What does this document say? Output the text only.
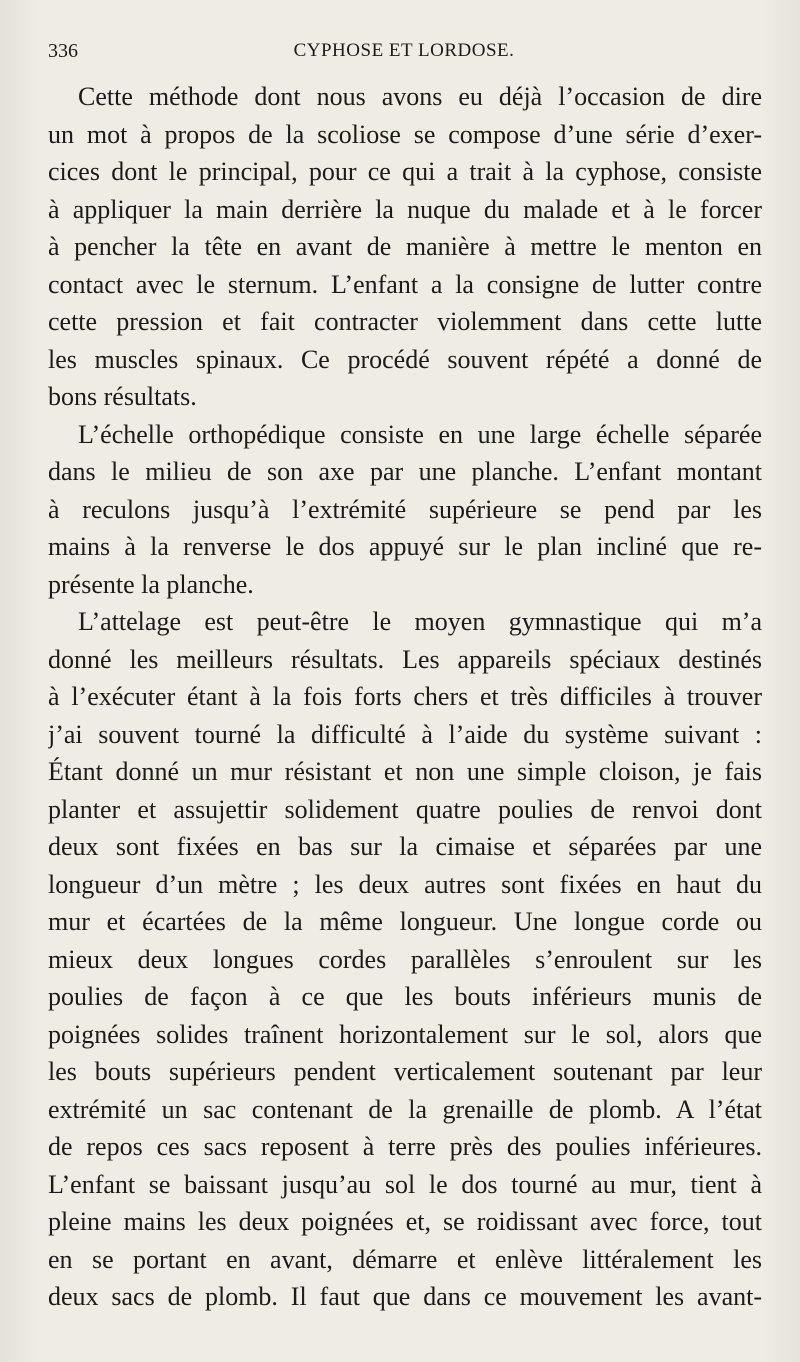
336	CYPHOSE ET LORDOSE.
Cette méthode dont nous avons eu déjà l’occasion de dire
un mot à propos de la scoliose se compose d’une série d’exer-
cices dont le principal, pour ce qui a trait à la cyphose, consiste
à appliquer la main derrière la nuque du malade et à le forcer
à pencher la tête en avant de manière à mettre le menton en
contact avec le sternum. L’enfant a la consigne de lutter contre
cette pression et fait contracter violemment dans cette lutte
les muscles spinaux. Ce procédé souvent répété a donné de
bons résultats.
L’échelle orthopédique consiste en une large échelle séparée
dans le milieu de son axe par une planche. L’enfant montant
à reculons jusqu’à l’extrémité supérieure se pend par les
mains à la renverse le dos appuyé sur le plan incliné que re-
présente la planche.
L’attelage est peut-être le moyen gymnastique qui m’a
donné les meilleurs résultats. Les appareils spéciaux destinés
à l’exécuter étant à la fois forts chers et très difficiles à trouver
j’ai souvent tourné la difficulté à l’aide du système suivant :
Étant donné un mur résistant et non une simple cloison, je fais
planter et assujettir solidement quatre poulies de renvoi dont
deux sont fixées en bas sur la cimaise et séparées par une
longueur d’un mètre ; les deux autres sont fixées en haut du
mur et écartées de la même longueur. Une longue corde ou
mieux deux longues cordes parallèles s’enroulent sur les
poulies de façon à ce que les bouts inférieurs munis de
poignées solides traînent horizontalement sur le sol, alors que
les bouts supérieurs pendent verticalement soutenant par leur
extrémité un sac contenant de la grenaille de plomb. A l’état
de repos ces sacs reposent à terre près des poulies inférieures.
L’enfant se baissant jusqu’au sol le dos tourné au mur, tient à
pleine mains les deux poignées et, se roidissant avec force, tout
en se portant en avant, démarre et enlève littéralement les
deux sacs de plomb. Il faut que dans ce mouvement les avant-
